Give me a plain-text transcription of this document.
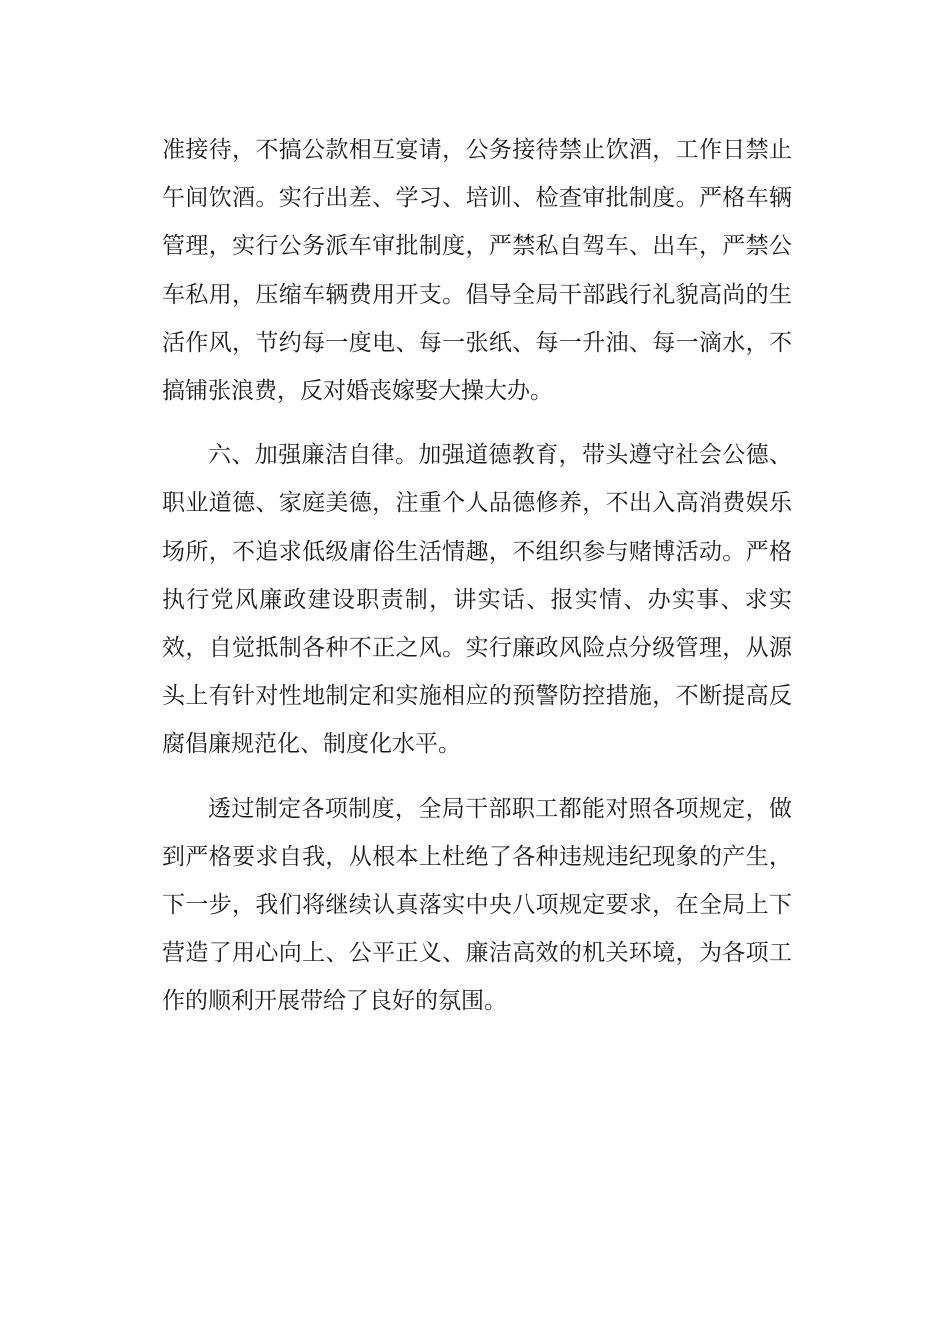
准接待，不搞公款相互宴请，公务接待禁止饮酒，工作日禁止午间饮酒。实行出差、学习、培训、检查审批制度。严格车辆管理，实行公务派车审批制度，严禁私自驾车、出车，严禁公车私用，压缩车辆费用开支。倡导全局干部践行礼貌高尚的生活作风，节约每一度电、每一张纸、每一升油、每一滴水，不搞铺张浪费，反对婚丧嫁娶大操大办。

六、加强廉洁自律。加强道德教育，带头遵守社会公德、职业道德、家庭美德，注重个人品德修养，不出入高消费娱乐场所，不追求低级庸俗生活情趣，不组织参与赌博活动。严格执行党风廉政建设职责制，讲实话、报实情、办实事、求实效，自觉抵制各种不正之风。实行廉政风险点分级管理，从源头上有针对性地制定和实施相应的预警防控措施，不断提高反腐倡廉规范化、制度化水平。

透过制定各项制度，全局干部职工都能对照各项规定，做到严格要求自我，从根本上杜绝了各种违规违纪现象的产生，下一步，我们将继续认真落实中央八项规定要求，在全局上下营造了用心向上、公平正义、廉洁高效的机关环境，为各项工作的顺利开展带给了良好的氛围。
